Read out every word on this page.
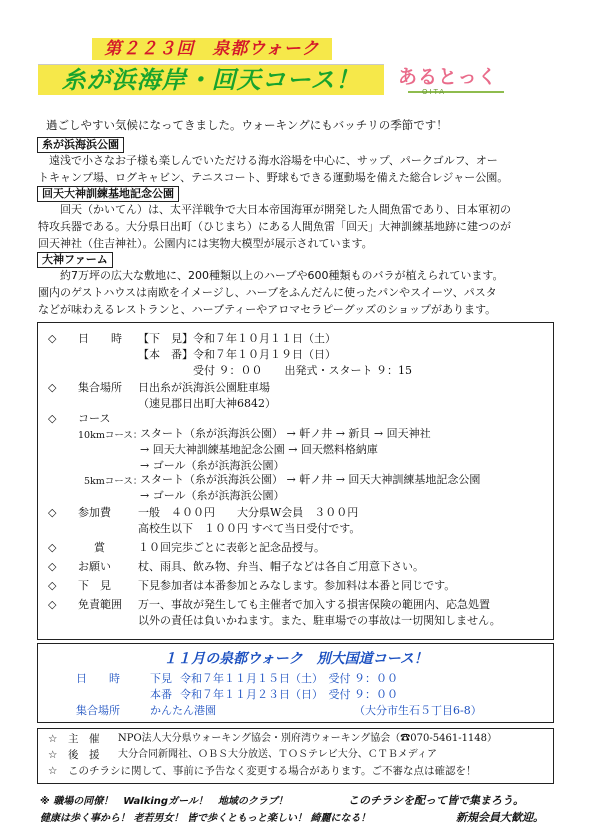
第２２３回　泉都ウォーク
糸が浜海岸・回天コース！	あるとっく
OITA
過ごしやすい気候になってきました。ウォーキングにもバッチリの季節です！
糸が浜海浜公園
　遠浅で小さなお子様も楽しんでいただける海水浴場を中心に、サップ、パークゴルフ、オー
トキャンプ場、ログキャビン、テニスコート、野球もできる運動場を備えた総合レジャー公園。
回天大神訓練基地記念公園
　　回天（かいてん）は、太平洋戦争で大日本帝国海軍が開発した人間魚雷であり、日本軍初の
特攻兵器である。大分県日出町（ひじまち）にある人間魚雷「回天」大神訓練基地跡に建つのが
回天神社（住吉神社）。公園内には実物大模型が展示されています。
大神ファーム
　　約7万坪の広大な敷地に、200種類以上のハーブや600種類ものバラが植えられています。
園内のゲストハウスは南欧をイメージし、ハーブをふんだんに使ったパンやスイーツ、パスタ
などが味わえるレストランと、ハーブティーやアロマセラピーグッズのショップがあります。
◇ 日　　時 【下　見】令和７年１０月１１日（土）
【本　番】令和７年１０月１９日（日）
　　　　　受付 ９：００　　出発式・スタート ９：15
◇ 集合場所 日出糸が浜海浜公園駐車場
（速見郡日出町大神6842）
◇ コース
10kmコース：
スタート（糸が浜海浜公園） → 軒ノ井 → 新貝 → 回天神社
→ 回天大神訓練基地記念公園 → 回天燃料格納庫
→ ゴール（糸が浜海浜公園）
5kmコース：
スタート（糸が浜海浜公園） → 軒ノ井 → 回天大神訓練基地記念公園
→ ゴール（糸が浜海浜公園）
◇ 参加費 一般　４００円　　大分県W会員　３００円
高校生以下　１００円 すべて当日受付です。
◇	賞	１０回完歩ごとに表彰と記念品授与。
◇ お願い 杖、雨具、飲み物、弁当、帽子などは各自ご用意下さい。
◇ 下　見 下見参加者は本番参加とみなします。参加料は本番と同じです。
◇ 免責範囲 万一、事故が発生しても主催者で加入する損害保険の範囲内、応急処置
以外の責任は負いかねます。また、駐車場での事故は一切関知しません。
１１月の泉都ウォーク　別大国道コース！
日　　時	下見 令和７年１１月１５日（土）　受付 ９：００
本番 令和７年１１月２３日（日）　受付 ９：００
集合場所	かんたん港園	（大分市生石５丁目6-8）
☆ 主　催 NPO法人大分県ウォーキング協会・別府湾ウォーキング協会（☎070-5461-1148）
☆ 後　援 大分合同新聞社、ＯＢＳ大分放送、ＴＯＳテレビ大分、ＣＴＢメディア
☆ このチラシに関して、事前に予告なく変更する場合があります。ご不審な点は確認を！
※ 職場の同僚！　Walkingガール！　地域のクラブ！	このチラシを配って皆で集まろう。
健康は歩く事から！ 老若男女！ 皆で歩くともっと楽しい！ 綺麗になる！	新規会員大歓迎。
